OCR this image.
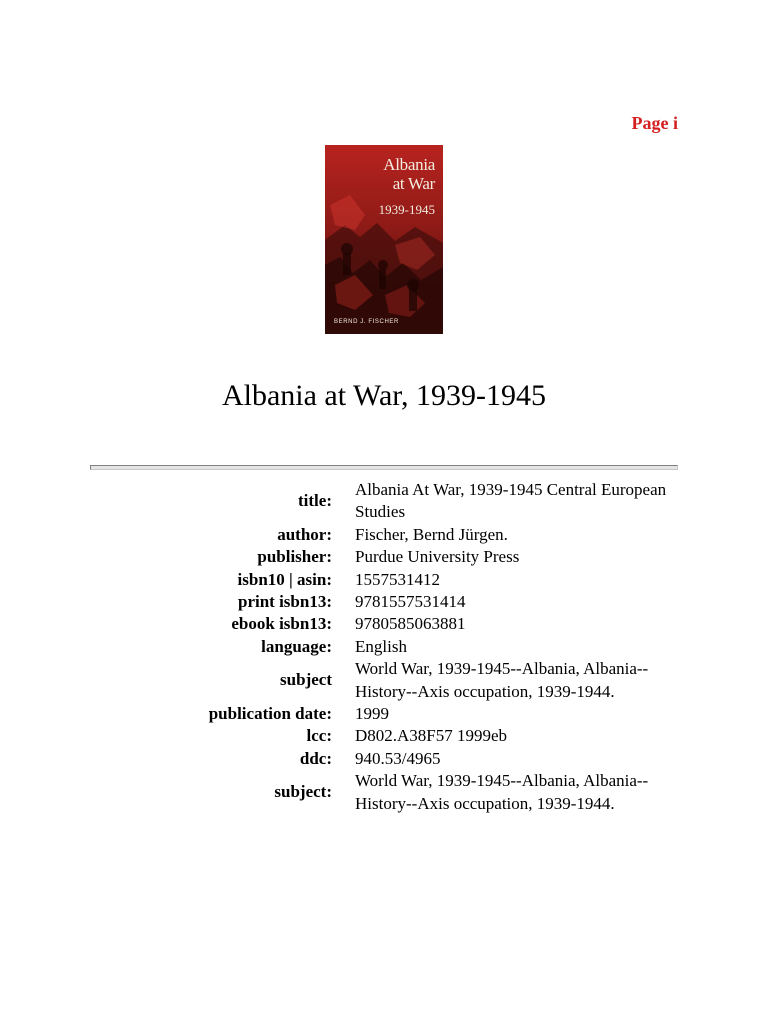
Page i
Albania
at War
1939-1945
BERND J. FISCHER
Albania at War, 1939-1945
title:	Albania At War, 1939-1945 Central European Studies
author:	Fischer, Bernd Jürgen.
publisher:	Purdue University Press
isbn10 | asin:	1557531412
print isbn13:	9781557531414
ebook isbn13:	9780585063881
language:	English
subject	World War, 1939-1945--Albania, Albania--History--Axis occupation, 1939-1944.
publication date:	1999
lcc:	D802.A38F57 1999eb
ddc:	940.53/4965
subject:	World War, 1939-1945--Albania, Albania--History--Axis occupation, 1939-1944.
